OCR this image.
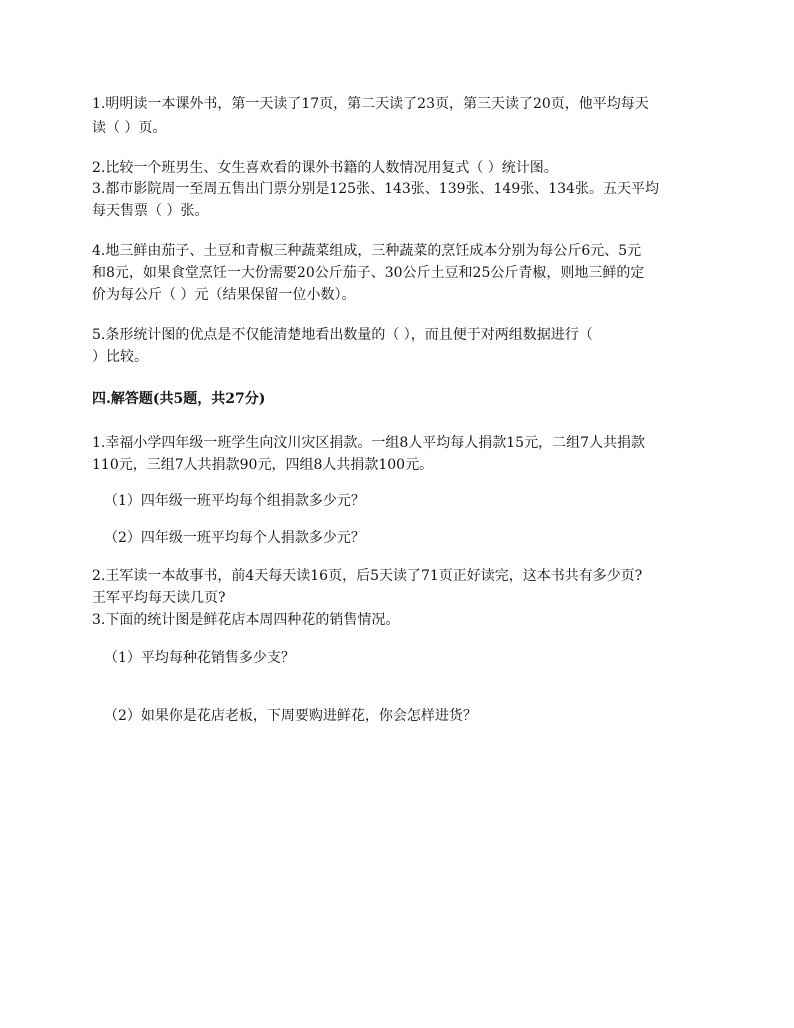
1.明明读一本课外书，第一天读了17页，第二天读了23页，第三天读了20页，他平均每天
读（ ）页。
2.比较一个班男生、女生喜欢看的课外书籍的人数情况用复式（ ）统计图。
3.都市影院周一至周五售出门票分别是125张、143张、139张、149张、134张。五天平均
每天售票（ ）张。
4.地三鲜由茄子、土豆和青椒三种蔬菜组成，三种蔬菜的烹饪成本分别为每公斤6元、5元
和8元，如果食堂烹饪一大份需要20公斤茄子、30公斤土豆和25公斤青椒，则地三鲜的定
价为每公斤（ ）元（结果保留一位小数）。
5.条形统计图的优点是不仅能清楚地看出数量的（ ），而且便于对两组数据进行（
）比较。
四.解答题(共5题，共27分)
1.幸福小学四年级一班学生向汶川灾区捐款。一组8人平均每人捐款15元，二组7人共捐款
110元，三组7人共捐款90元，四组8人共捐款100元。
（1）四年级一班平均每个组捐款多少元？
（2）四年级一班平均每个人捐款多少元？
2.王军读一本故事书，前4天每天读16页，后5天读了71页正好读完，这本书共有多少页?
王军平均每天读几页?
3.下面的统计图是鲜花店本周四种花的销售情况。
（1）平均每种花销售多少支？
（2）如果你是花店老板，下周要购进鲜花，你会怎样进货？
